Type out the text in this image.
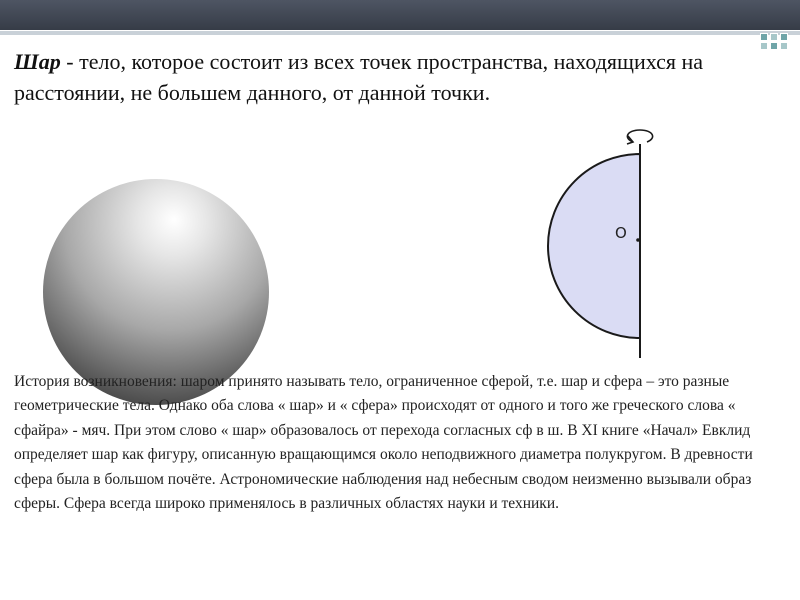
Шар - тело, которое состоит из всех точек пространства, находящихся на расстоянии, не большем данного, от данной точки.
О
История возникновения: шаром принято называть тело, ограниченное сферой, т.е. шар и сфера – это разные геометрические тела. Однако оба слова « шар» и « сфера» происходят от одного и того же греческого слова « сфайра» - мяч. При этом слово « шар» образовалось от перехода согласных сф в ш. В XI книге «Начал» Евклид определяет шар как фигуру, описанную вращающимся около неподвижного диаметра полукругом. В древности сфера была в большом почёте. Астрономические наблюдения над небесным сводом неизменно вызывали образ сферы. Сфера всегда широко применялось в различных областях науки и техники.
